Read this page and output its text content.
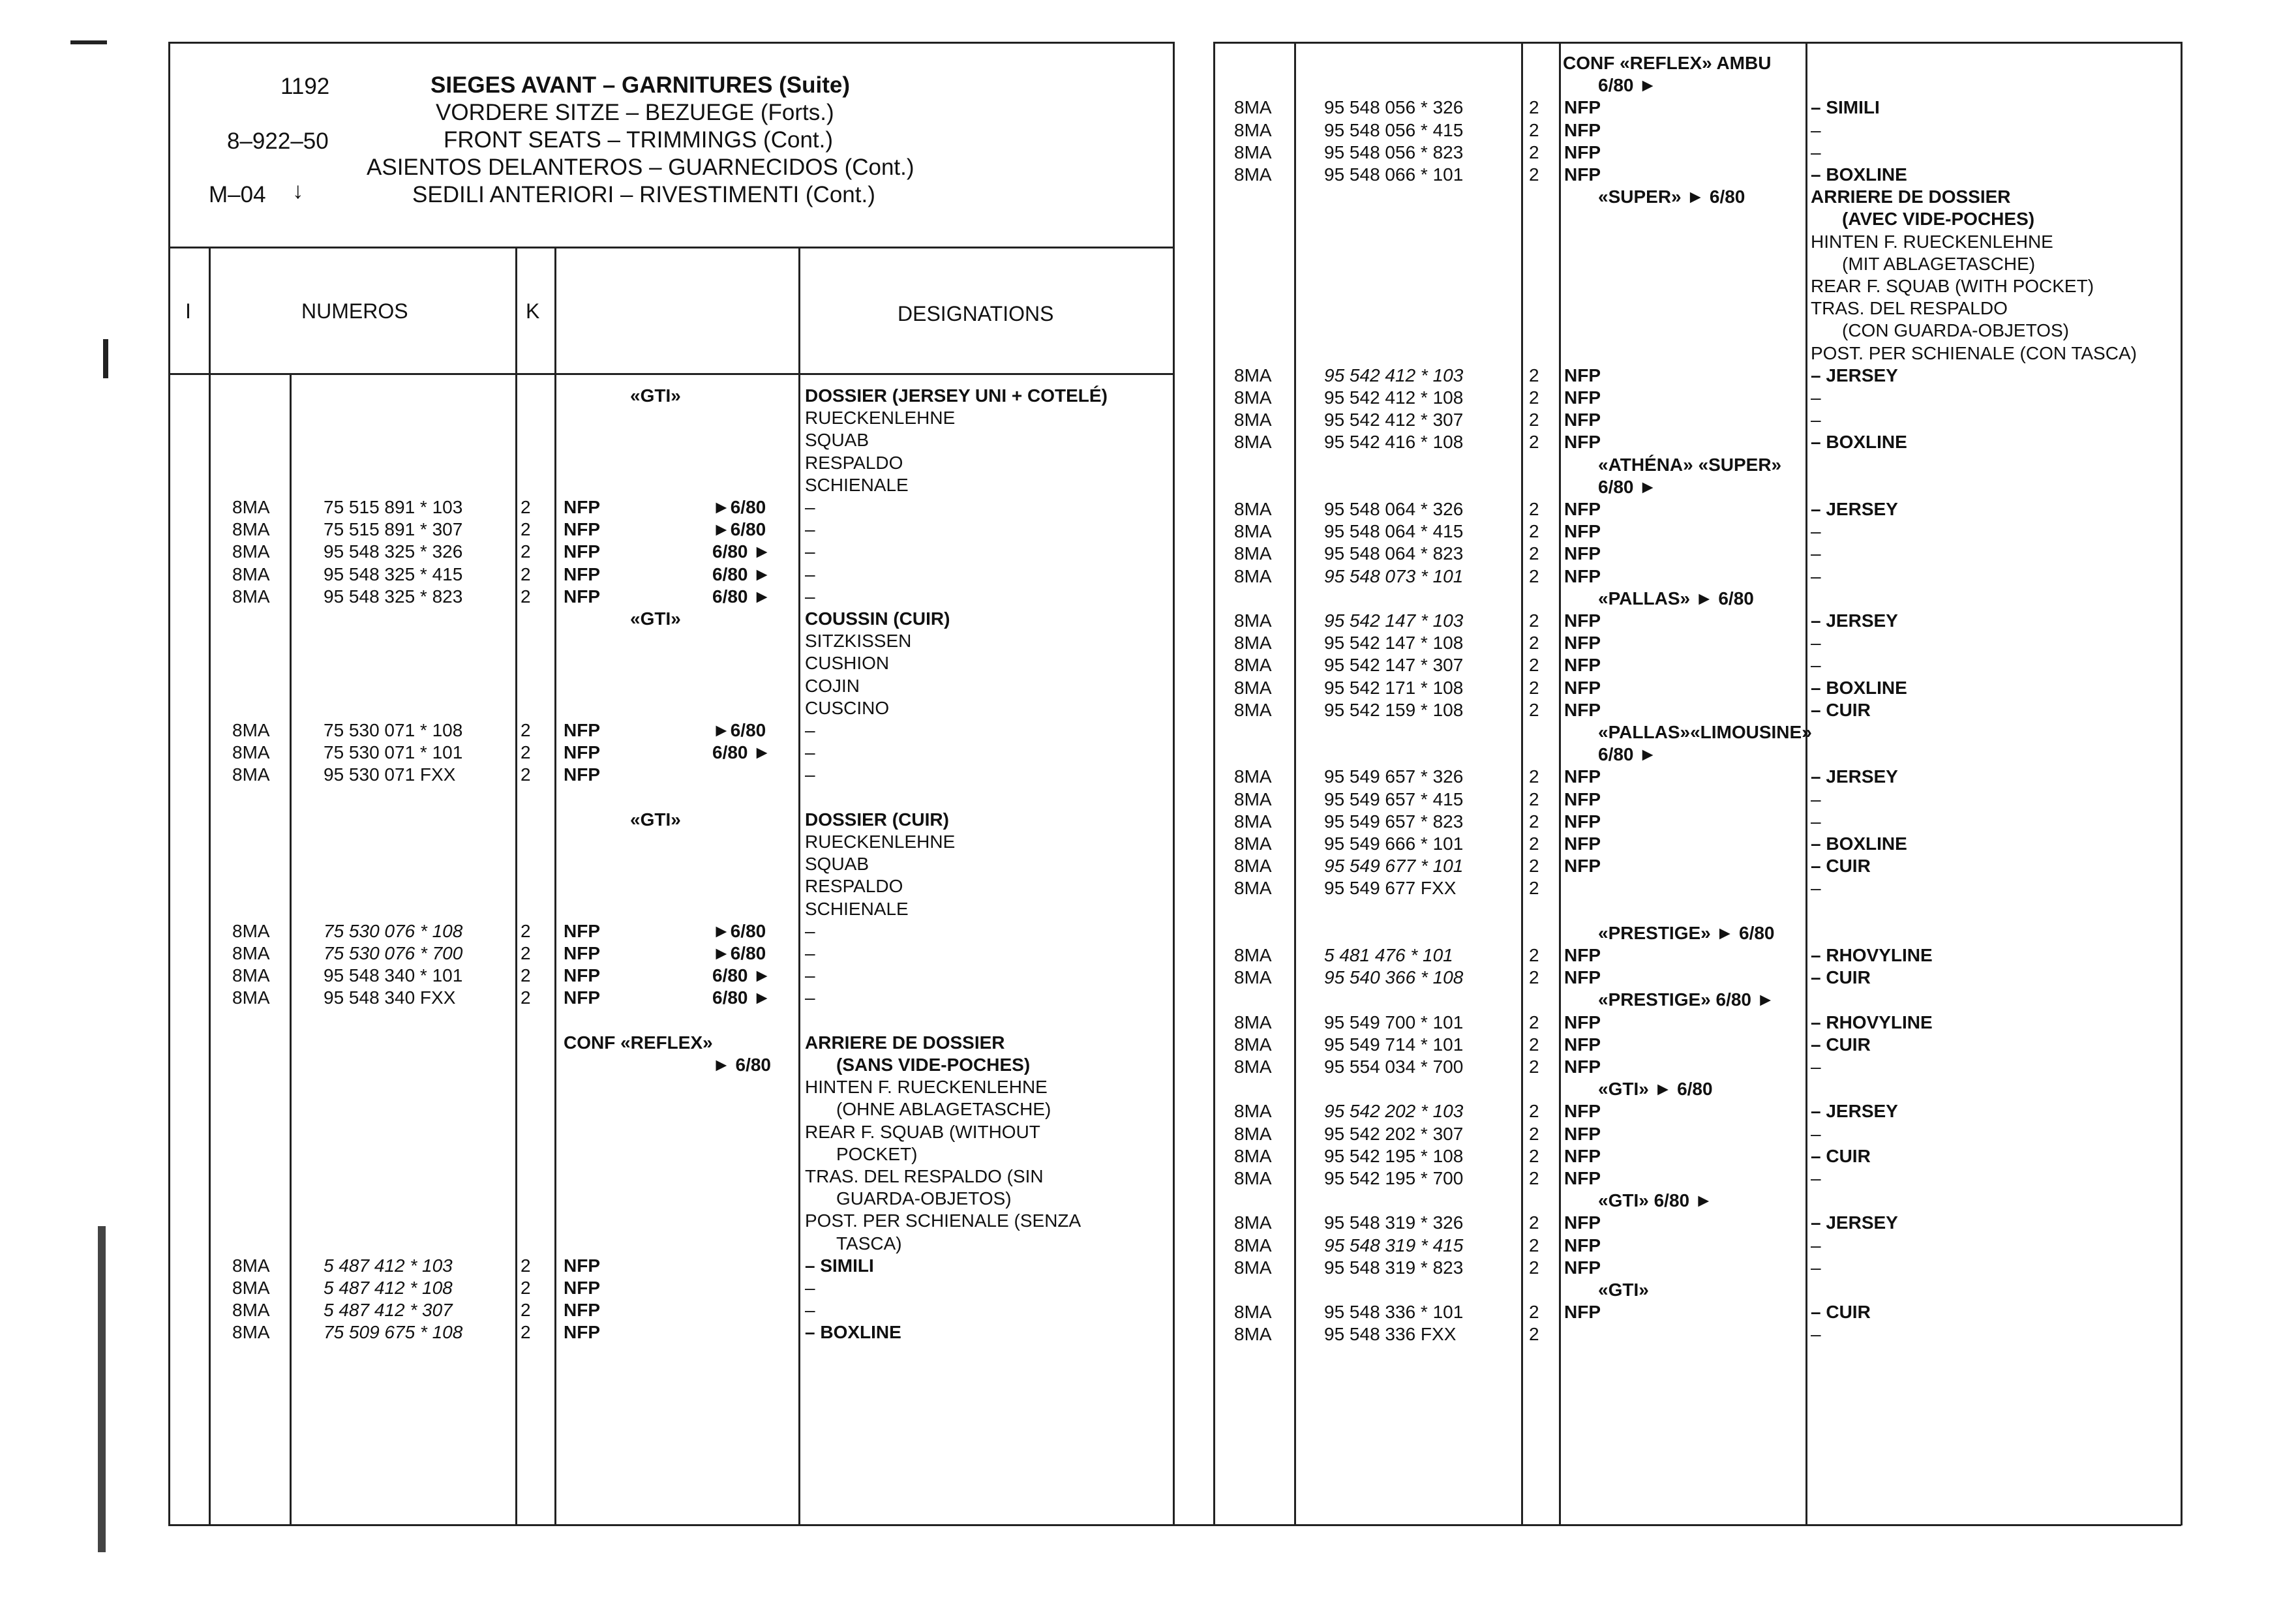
1192
8–922–50
M–04 ↓
SIEGES AVANT – GARNITURES (Suite)
VORDERE SITZE – BEZUEGE (Forts.)
FRONT SEATS – TRIMMINGS (Cont.)
ASIENTOS DELANTEROS – GUARNECIDOS (Cont.)
SEDILI ANTERIORI – RIVESTIMENTI (Cont.)
I	NUMEROS	K	DESIGNATIONS
«GTI»	DOSSIER (JERSEY UNI + COTELÉ)
RUECKENLEHNE
SQUAB
RESPALDO
SCHIENALE
8MA	75 515 891 * 103	2 NFP	►6/80 –
8MA	75 515 891 * 307	2 NFP	►6/80 –
8MA	95 548 325 * 326	2 NFP	6/80 ► –
8MA	95 548 325 * 415	2 NFP	6/80 ► –
8MA	95 548 325 * 823	2 NFP	6/80 ► –
«GTI»	COUSSIN (CUIR)
SITZKISSEN
CUSHION
COJIN
CUSCINO
8MA	75 530 071 * 108	2 NFP	►6/80 –
8MA	75 530 071 * 101	2 NFP	6/80 ► –
8MA	95 530 071 FXX	2 NFP	–
«GTI»	DOSSIER (CUIR)
RUECKENLEHNE
SQUAB
RESPALDO
SCHIENALE
8MA	75 530 076 * 108	2 NFP	►6/80 –
8MA	75 530 076 * 700	2 NFP	►6/80 –
8MA	95 548 340 * 101	2 NFP	6/80 ► –
8MA	95 548 340 FXX	2 NFP	6/80 ► –
CONF «REFLEX»	ARRIERE DE DOSSIER
► 6/80	(SANS VIDE-POCHES)
HINTEN F. RUECKENLEHNE
(OHNE ABLAGETASCHE)
REAR F. SQUAB (WITHOUT
POCKET)
TRAS. DEL RESPALDO (SIN
GUARDA-OBJETOS)
POST. PER SCHIENALE (SENZA
TASCA)
8MA	5 487 412 * 103	2 NFP	– SIMILI
8MA	5 487 412 * 108	2 NFP	–
8MA	5 487 412 * 307	2 NFP	–
8MA	75 509 675 * 108	2 NFP	– BOXLINE
CONF «REFLEX» AMBU
6/80 ►
8MA	95 548 056 * 326	2 NFP	– SIMILI
8MA	95 548 056 * 415	2 NFP	–
8MA	95 548 056 * 823	2 NFP	–
8MA	95 548 066 * 101	2 NFP	– BOXLINE
«SUPER» ► 6/80	ARRIERE DE DOSSIER
(AVEC VIDE-POCHES)
HINTEN F. RUECKENLEHNE
(MIT ABLAGETASCHE)
REAR F. SQUAB (WITH POCKET)
TRAS. DEL RESPALDO
(CON GUARDA-OBJETOS)
POST. PER SCHIENALE (CON TASCA)
8MA	95 542 412 * 103	2 NFP	– JERSEY
8MA	95 542 412 * 108	2 NFP	–
8MA	95 542 412 * 307	2 NFP	–
8MA	95 542 416 * 108	2 NFP	– BOXLINE
«ATHÉNA» «SUPER»
6/80 ►
8MA	95 548 064 * 326	2 NFP	– JERSEY
8MA	95 548 064 * 415	2 NFP	–
8MA	95 548 064 * 823	2 NFP	–
8MA	95 548 073 * 101	2 NFP	–
«PALLAS» ► 6/80
8MA	95 542 147 * 103	2 NFP	– JERSEY
8MA	95 542 147 * 108	2 NFP	–
8MA	95 542 147 * 307	2 NFP	–
8MA	95 542 171 * 108	2 NFP	– BOXLINE
8MA	95 542 159 * 108	2 NFP	– CUIR
«PALLAS»«LIMOUSINE»
6/80 ►
8MA	95 549 657 * 326	2 NFP	– JERSEY
8MA	95 549 657 * 415	2 NFP	–
8MA	95 549 657 * 823	2 NFP	–
8MA	95 549 666 * 101	2 NFP	– BOXLINE
8MA	95 549 677 * 101	2 NFP	– CUIR
8MA	95 549 677 FXX	2	–
«PRESTIGE» ► 6/80
8MA	5 481 476 * 101	2 NFP	– RHOVYLINE
8MA	95 540 366 * 108	2 NFP	– CUIR
«PRESTIGE» 6/80 ►
8MA	95 549 700 * 101	2 NFP	– RHOVYLINE
8MA	95 549 714 * 101	2 NFP	– CUIR
8MA	95 554 034 * 700	2 NFP	–
«GTI» ► 6/80
8MA	95 542 202 * 103	2 NFP	– JERSEY
8MA	95 542 202 * 307	2 NFP	–
8MA	95 542 195 * 108	2 NFP	– CUIR
8MA	95 542 195 * 700	2 NFP	–
«GTI» 6/80 ►
8MA	95 548 319 * 326	2 NFP	– JERSEY
8MA	95 548 319 * 415	2 NFP	–
8MA	95 548 319 * 823	2 NFP	–
«GTI»
8MA	95 548 336 * 101	2 NFP	– CUIR
8MA	95 548 336 FXX	2	–
